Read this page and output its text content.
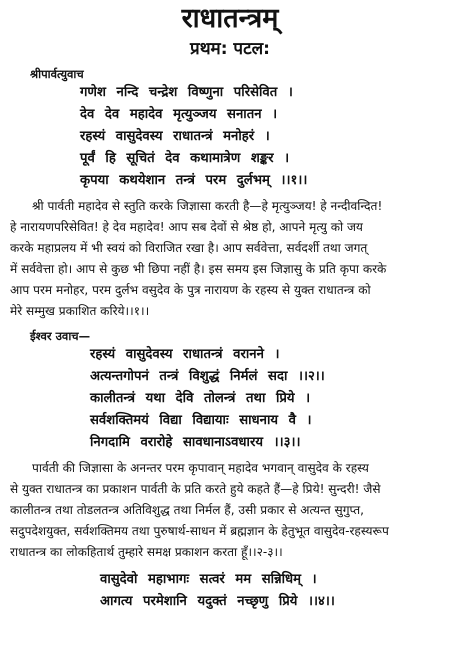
राधातन्त्रम्
प्रथम: पटल:
श्रीपार्वत्युवाच
गणेश नन्दि चन्द्रेश विष्णुना परिसेवित ।
देव देव महादेव मृत्युञ्जय सनातन ।
रहस्यं वासुदेवस्य राधातन्त्रं मनोहरं ।
पूर्वं हि सूचितं देव कथामात्रेण शङ्कर ।
कृपया कथयेशान तन्त्रं परम दुर्लभम् ।।१।।
श्री पार्वती महादेव से स्तुति करके जिज्ञासा करती है—हे मृत्युञ्जय! हे नन्दीवन्दित!
हे नारायणपरिसेवित! हे देव महादेव! आप सब देवों से श्रेष्ठ हो, आपने मृत्यु को जय
करके महाप्रलय में भी स्वयं को विराजित रखा है। आप सर्ववेत्ता, सर्वदर्शी तथा जगत्
में सर्ववेत्ता हो। आप से कुछ भी छिपा नहीं है। इस समय इस जिज्ञासु के प्रति कृपा करके
आप परम मनोहर, परम दुर्लभ वसुदेव के पुत्र नारायण के रहस्य से युक्त राधातन्त्र को
मेरे सम्मुख प्रकाशित करिये।।१।।
ईश्वर उवाच—
रहस्यं वासुदेवस्य राधातन्त्रं वरानने ।
अत्यन्तगोपनं तन्त्रं विशुद्धं निर्मलं सदा ।।२।।
कालीतन्त्रं यथा देवि तोलन्त्रं तथा प्रिये ।
सर्वशक्तिमयं विद्या विद्यायाः साधनाय वै ।
निगदामि वरारोहे सावधानाऽवधारय ।।३।।
पार्वती की जिज्ञासा के अनन्तर परम कृपावान् महादेव भगवान् वासुदेव के रहस्य
से युक्त राधातन्त्र का प्रकाशन पार्वती के प्रति करते हुये कहते हैं—हे प्रिये! सुन्दरी! जैसे
कालीतन्त्र तथा तोडलतन्त्र अतिविशुद्ध तथा निर्मल हैं, उसी प्रकार से अत्यन्त सुगुप्त,
सदुपदेशयुक्त, सर्वशक्तिमय तथा पुरुषार्थ-साधन में ब्रह्मज्ञान के हेतुभूत वासुदेव-रहस्यरूप
राधातन्त्र का लोकहितार्थ तुम्हारे समक्ष प्रकाशन करता हूँ।।२-३।।
वासुदेवो महाभागः सत्वरं मम सन्निधिम् ।
आगत्य परमेशानि यदुक्तं नच्छृणु प्रिये ।।४।।
